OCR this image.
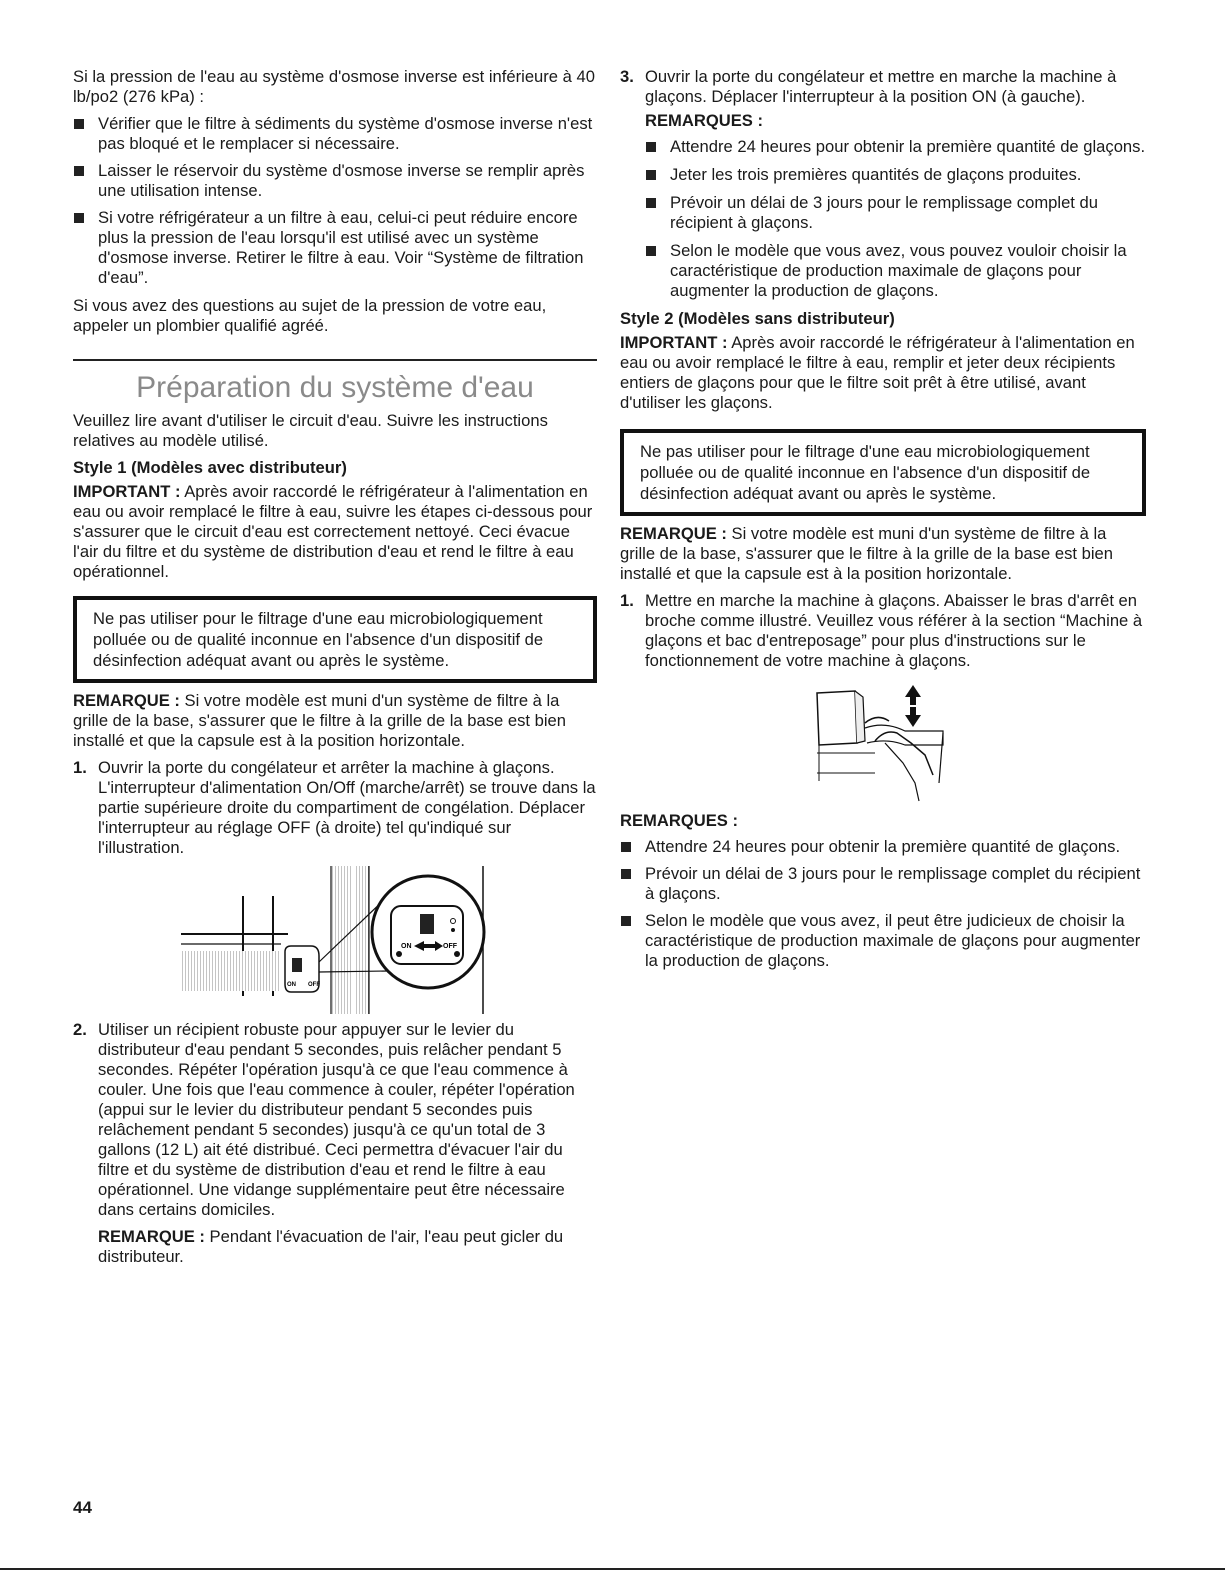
Si la pression de l'eau au système d'osmose inverse est inférieure à 40 lb/po2 (276 kPa) :

Vérifier que le filtre à sédiments du système d'osmose inverse n'est pas bloqué et le remplacer si nécessaire.
Laisser le réservoir du système d'osmose inverse se remplir après une utilisation intense.
Si votre réfrigérateur a un filtre à eau, celui-ci peut réduire encore plus la pression de l'eau lorsqu'il est utilisé avec un système d'osmose inverse. Retirer le filtre à eau. Voir “Système de filtration d'eau”.

Si vous avez des questions au sujet de la pression de votre eau, appeler un plombier qualifié agréé.

Préparation du système d'eau

Veuillez lire avant d'utiliser le circuit d'eau. Suivre les instructions relatives au modèle utilisé.

Style 1 (Modèles avec distributeur)

IMPORTANT : Après avoir raccordé le réfrigérateur à l'alimentation en eau ou avoir remplacé le filtre à eau, suivre les étapes ci-dessous pour s'assurer que le circuit d'eau est correctement nettoyé. Ceci évacue l'air du filtre et du système de distribution d'eau et rend le filtre à eau opérationnel.

Ne pas utiliser pour le filtrage d'une eau microbiologiquement polluée ou de qualité inconnue en l'absence d'un dispositif de désinfection adéquat avant ou après le système.

REMARQUE : Si votre modèle est muni d'un système de filtre à la grille de la base, s'assurer que le filtre à la grille de la base est bien installé et que la capsule est à la position horizontale.

1. Ouvrir la porte du congélateur et arrêter la machine à glaçons. L'interrupteur d'alimentation On/Off (marche/arrêt) se trouve dans la partie supérieure droite du compartiment de congélation. Déplacer l'interrupteur au réglage OFF (à droite) tel qu'indiqué sur l'illustration.
ON OFF
ON	OFF
2. Utiliser un récipient robuste pour appuyer sur le levier du distributeur d'eau pendant 5 secondes, puis relâcher pendant 5 secondes. Répéter l'opération jusqu'à ce que l'eau commence à couler. Une fois que l'eau commence à couler, répéter l'opération (appui sur le levier du distributeur pendant 5 secondes puis relâchement pendant 5 secondes) jusqu'à ce qu'un total de 3 gallons (12 L) ait été distribué. Ceci permettra d'évacuer l'air du filtre et du système de distribution d'eau et rend le filtre à eau opérationnel. Une vidange supplémentaire peut être nécessaire dans certains domiciles.

REMARQUE : Pendant l'évacuation de l'air, l'eau peut gicler du distributeur.

3. Ouvrir la porte du congélateur et mettre en marche la machine à glaçons. Déplacer l'interrupteur à la position ON (à gauche).

REMARQUES :

Attendre 24 heures pour obtenir la première quantité de glaçons.
Jeter les trois premières quantités de glaçons produites.
Prévoir un délai de 3 jours pour le remplissage complet du récipient à glaçons.
Selon le modèle que vous avez, vous pouvez vouloir choisir la caractéristique de production maximale de glaçons pour augmenter la production de glaçons.

Style 2 (Modèles sans distributeur)

IMPORTANT : Après avoir raccordé le réfrigérateur à l'alimentation en eau ou avoir remplacé le filtre à eau, remplir et jeter deux récipients entiers de glaçons pour que le filtre soit prêt à être utilisé, avant d'utiliser les glaçons.

Ne pas utiliser pour le filtrage d'une eau microbiologiquement polluée ou de qualité inconnue en l'absence d'un dispositif de désinfection adéquat avant ou après le système.

REMARQUE : Si votre modèle est muni d'un système de filtre à la grille de la base, s'assurer que le filtre à la grille de la base est bien installé et que la capsule est à la position horizontale.

1. Mettre en marche la machine à glaçons. Abaisser le bras d'arrêt en broche comme illustré. Veuillez vous référer à la section “Machine à glaçons et bac d'entreposage” pour plus d'instructions sur le fonctionnement de votre machine à glaçons.

REMARQUES :

Attendre 24 heures pour obtenir la première quantité de glaçons.
Prévoir un délai de 3 jours pour le remplissage complet du récipient à glaçons.
Selon le modèle que vous avez, il peut être judicieux de choisir la caractéristique de production maximale de glaçons pour augmenter la production de glaçons.
44
